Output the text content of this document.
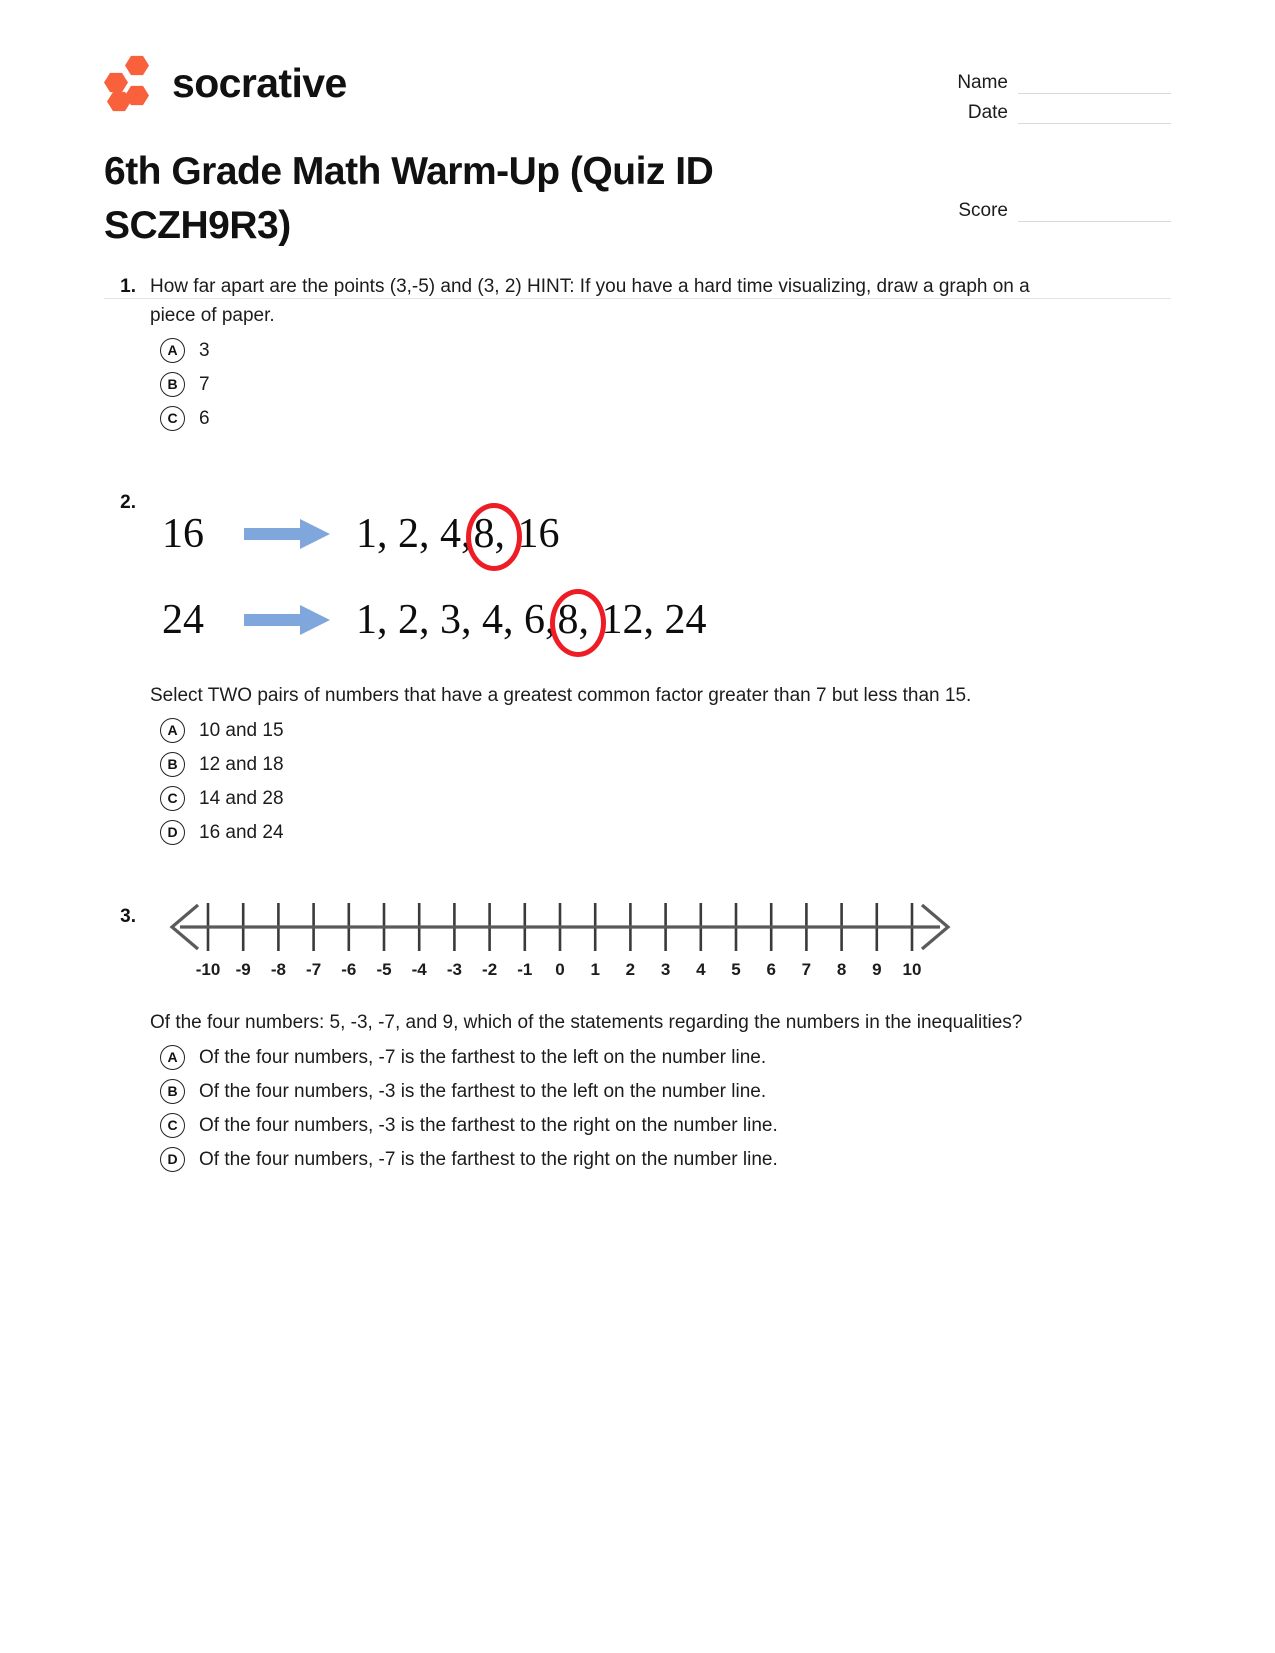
socrative	Name
Date
Score
6th Grade Math Warm-Up (Quiz ID SCZH9R3)
1. How far apart are the points (3,-5) and (3, 2) HINT: If you have a hard time visualizing, draw a graph on a piece of paper.
A	3
B	7
C	6
2.
16	1, 2, 4,8, 16
24	1, 2, 3, 4, 6,8, 12, 24
Select TWO pairs of numbers that have a greatest common factor greater than 7 but less than 15.
A	10 and 15
B	12 and 18
C	14 and 28
D	16 and 24
3.
-10 -9 -8 -7 -6 -5 -4 -3 -2 -1 0 1 2 3 4 5 6 7 8 9 10
Of the four numbers: 5, -3, -7, and 9, which of the statements regarding the numbers in the inequalities?
A	Of the four numbers, -7 is the farthest to the left on the number line.
B	Of the four numbers, -3 is the farthest to the left on the number line.
C	Of the four numbers, -3 is the farthest to the right on the number line.
D	Of the four numbers, -7 is the farthest to the right on the number line.
